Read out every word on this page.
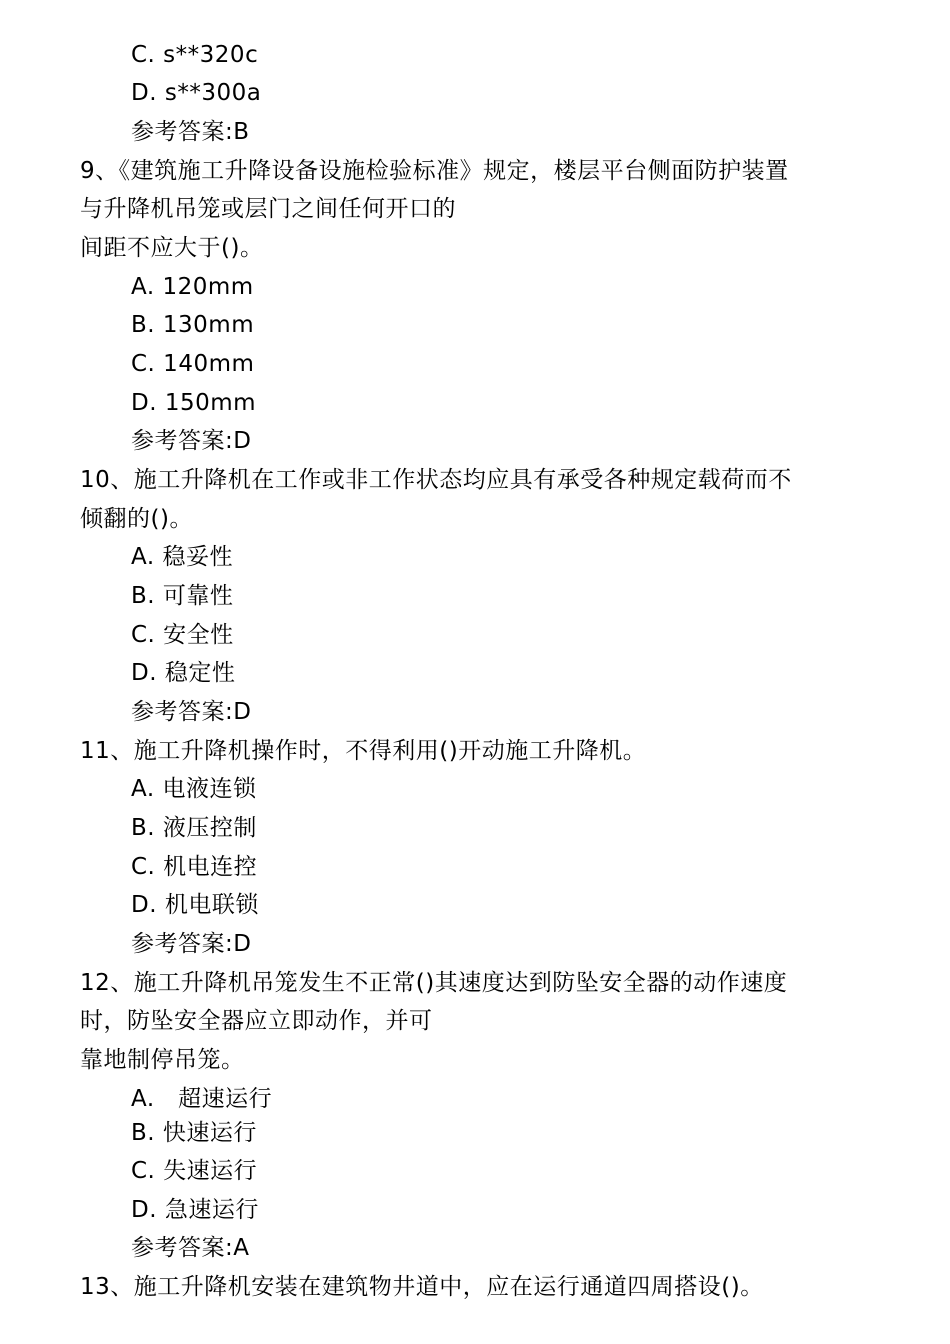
C. s**320c
D. s**300a
参考答案:B
9、《建筑施工升降设备设施检验标准》规定，楼层平台侧面防护装置
与升降机吊笼或层门之间任何开口的
间距不应大于()。
A. 120mm
B. 130mm
C. 140mm
D. 150mm
参考答案:D
10、施工升降机在工作或非工作状态均应具有承受各种规定载荷而不
倾翻的()。
A. 稳妥性
B. 可靠性
C. 安全性
D. 稳定性
参考答案:D
11、施工升降机操作时，不得利用()开动施工升降机。
A. 电液连锁
B. 液压控制
C. 机电连控
D. 机电联锁
参考答案:D
12、施工升降机吊笼发生不正常()其速度达到防坠安全器的动作速度
时，防坠安全器应立即动作，并可
靠地制停吊笼。
A.   超速运行
B. 快速运行
C. 失速运行
D. 急速运行
参考答案:A
13、施工升降机安装在建筑物井道中，应在运行通道四周搭设()。
